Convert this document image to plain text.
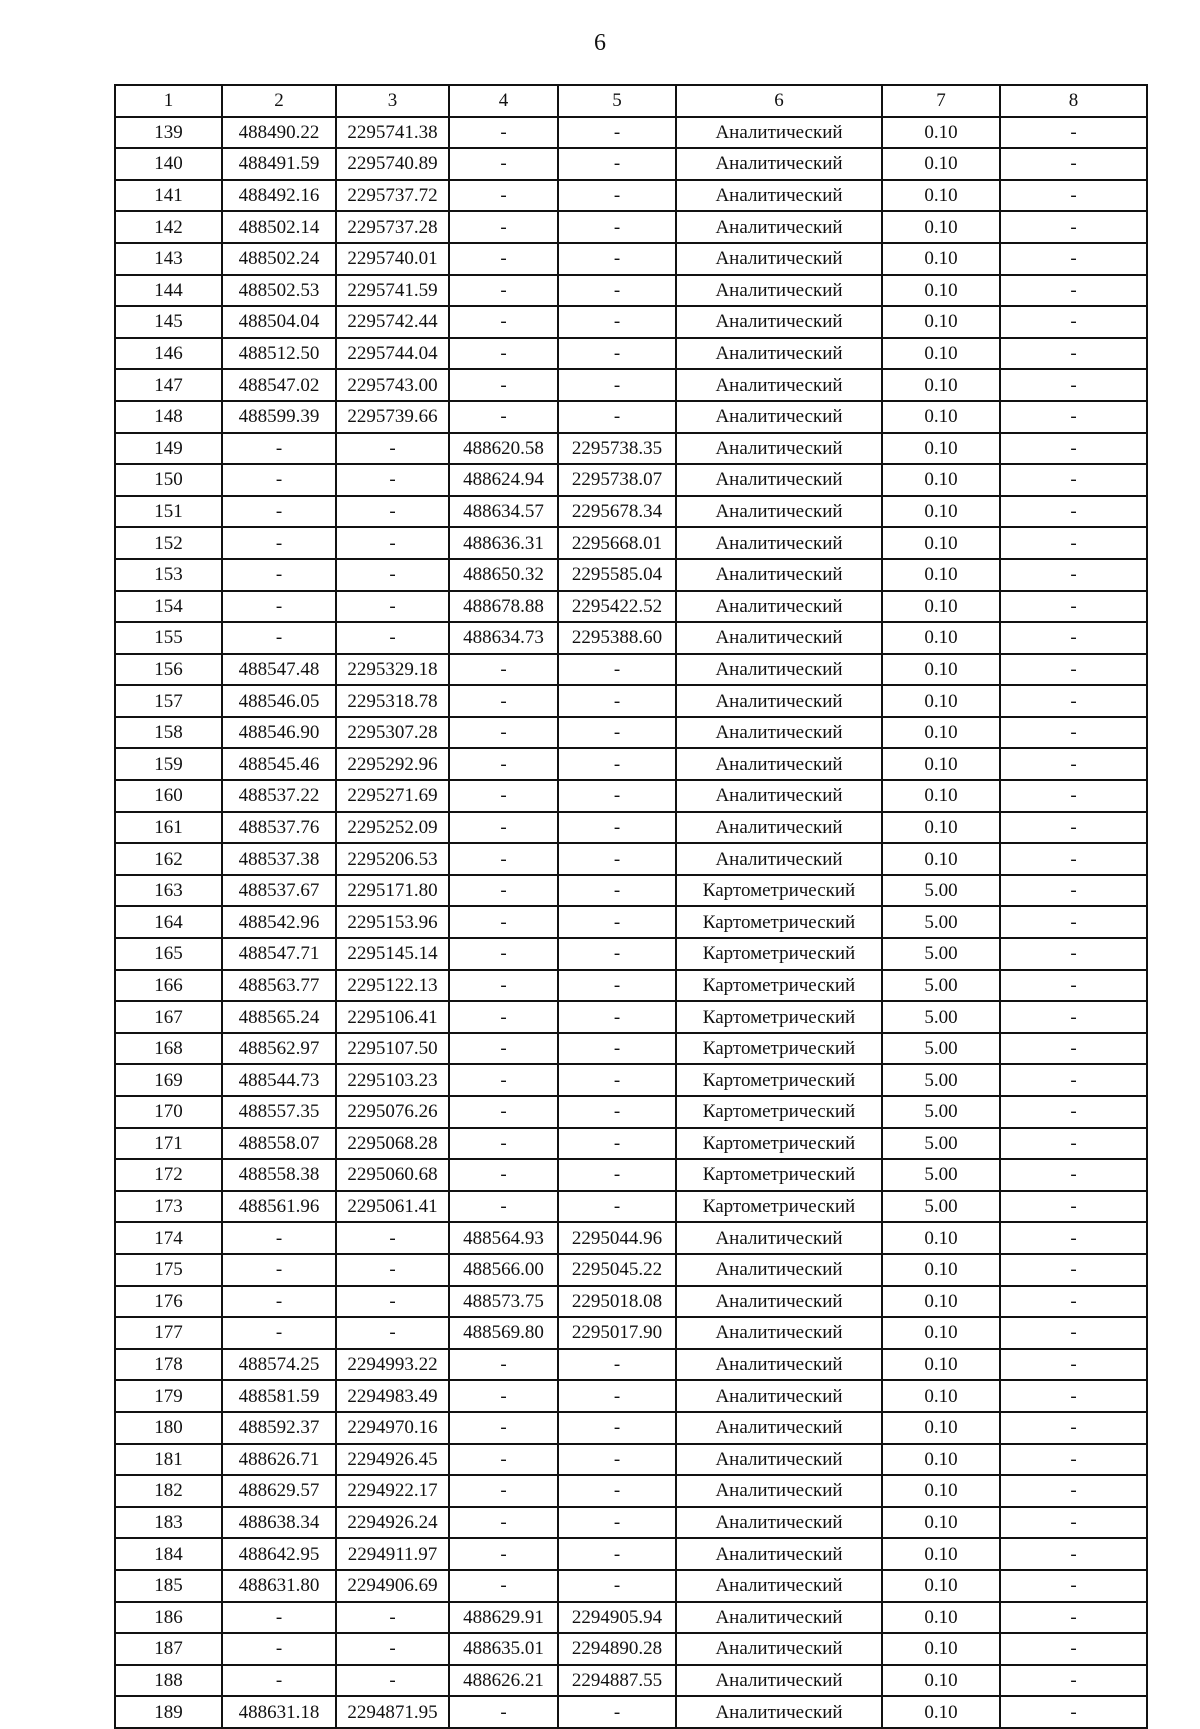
6
1	2	3	4	5	6	7	8
139	488490.22	2295741.38	-	-	Аналитический	0.10	-
140	488491.59	2295740.89	-	-	Аналитический	0.10	-
141	488492.16	2295737.72	-	-	Аналитический	0.10	-
142	488502.14	2295737.28	-	-	Аналитический	0.10	-
143	488502.24	2295740.01	-	-	Аналитический	0.10	-
144	488502.53	2295741.59	-	-	Аналитический	0.10	-
145	488504.04	2295742.44	-	-	Аналитический	0.10	-
146	488512.50	2295744.04	-	-	Аналитический	0.10	-
147	488547.02	2295743.00	-	-	Аналитический	0.10	-
148	488599.39	2295739.66	-	-	Аналитический	0.10	-
149	-	-	488620.58	2295738.35	Аналитический	0.10	-
150	-	-	488624.94	2295738.07	Аналитический	0.10	-
151	-	-	488634.57	2295678.34	Аналитический	0.10	-
152	-	-	488636.31	2295668.01	Аналитический	0.10	-
153	-	-	488650.32	2295585.04	Аналитический	0.10	-
154	-	-	488678.88	2295422.52	Аналитический	0.10	-
155	-	-	488634.73	2295388.60	Аналитический	0.10	-
156	488547.48	2295329.18	-	-	Аналитический	0.10	-
157	488546.05	2295318.78	-	-	Аналитический	0.10	-
158	488546.90	2295307.28	-	-	Аналитический	0.10	-
159	488545.46	2295292.96	-	-	Аналитический	0.10	-
160	488537.22	2295271.69	-	-	Аналитический	0.10	-
161	488537.76	2295252.09	-	-	Аналитический	0.10	-
162	488537.38	2295206.53	-	-	Аналитический	0.10	-
163	488537.67	2295171.80	-	-	Картометрический	5.00	-
164	488542.96	2295153.96	-	-	Картометрический	5.00	-
165	488547.71	2295145.14	-	-	Картометрический	5.00	-
166	488563.77	2295122.13	-	-	Картометрический	5.00	-
167	488565.24	2295106.41	-	-	Картометрический	5.00	-
168	488562.97	2295107.50	-	-	Картометрический	5.00	-
169	488544.73	2295103.23	-	-	Картометрический	5.00	-
170	488557.35	2295076.26	-	-	Картометрический	5.00	-
171	488558.07	2295068.28	-	-	Картометрический	5.00	-
172	488558.38	2295060.68	-	-	Картометрический	5.00	-
173	488561.96	2295061.41	-	-	Картометрический	5.00	-
174	-	-	488564.93	2295044.96	Аналитический	0.10	-
175	-	-	488566.00	2295045.22	Аналитический	0.10	-
176	-	-	488573.75	2295018.08	Аналитический	0.10	-
177	-	-	488569.80	2295017.90	Аналитический	0.10	-
178	488574.25	2294993.22	-	-	Аналитический	0.10	-
179	488581.59	2294983.49	-	-	Аналитический	0.10	-
180	488592.37	2294970.16	-	-	Аналитический	0.10	-
181	488626.71	2294926.45	-	-	Аналитический	0.10	-
182	488629.57	2294922.17	-	-	Аналитический	0.10	-
183	488638.34	2294926.24	-	-	Аналитический	0.10	-
184	488642.95	2294911.97	-	-	Аналитический	0.10	-
185	488631.80	2294906.69	-	-	Аналитический	0.10	-
186	-	-	488629.91	2294905.94	Аналитический	0.10	-
187	-	-	488635.01	2294890.28	Аналитический	0.10	-
188	-	-	488626.21	2294887.55	Аналитический	0.10	-
189	488631.18	2294871.95	-	-	Аналитический	0.10	-
